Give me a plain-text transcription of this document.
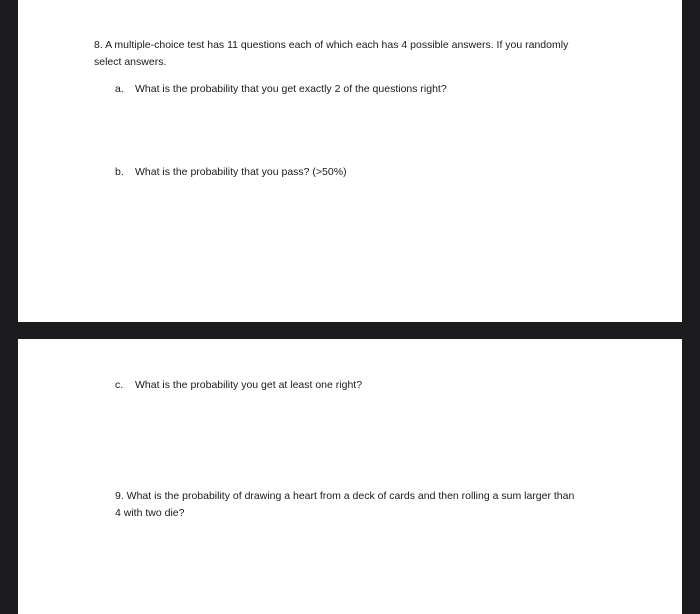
8. A multiple-choice test has 11 questions each of which each has 4 possible answers. If you randomly

select answers.

a. What is the probability that you get exactly 2 of the questions right?
b. What is the probability that you pass? (>50%)
c. What is the probability you get at least one right?

9. What is the probability of drawing a heart from a deck of cards and then rolling a sum larger than

4 with two die?
